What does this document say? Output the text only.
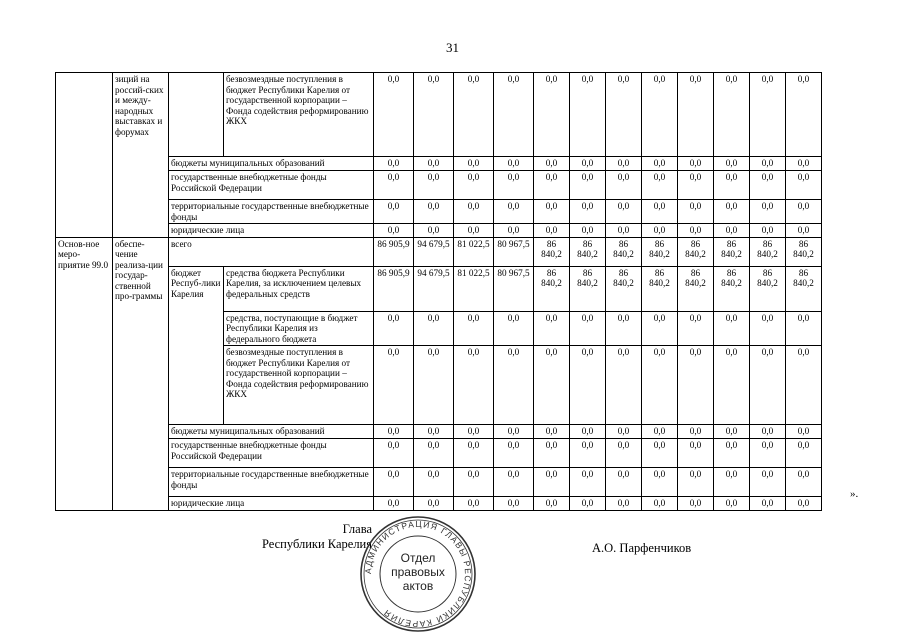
31
	зиций на россий-ских и между-народных выставках и форумах		безвозмездные поступления в бюджет Республики Карелия от государственной корпорации – Фонда содействия реформированию ЖКХ	0,0	0,0	0,0	0,0	0,0	0,0	0,0	0,0	0,0	0,0	0,0	0,0
		бюджеты муниципальных образований		0,0	0,0	0,0	0,0	0,0	0,0	0,0	0,0	0,0	0,0	0,0	0,0
		государственные внебюджетные фонды Российской Федерации		0,0	0,0	0,0	0,0	0,0	0,0	0,0	0,0	0,0	0,0	0,0	0,0
		территориальные государственные внебюджетные фонды		0,0	0,0	0,0	0,0	0,0	0,0	0,0	0,0	0,0	0,0	0,0	0,0
		юридические лица		0,0	0,0	0,0	0,0	0,0	0,0	0,0	0,0	0,0	0,0	0,0	0,0
Основ-ное меро-приятие 99.0	обеспе-чение реализа-ции государ-ственной про-граммы	всего		86 905,9	94 679,5	81 022,5	80 967,5	86 840,2	86 840,2	86 840,2	86 840,2	86 840,2	86 840,2	86 840,2	86 840,2
		бюджет Респуб-лики Карелия	средства бюджета Республики Карелия, за исключением целевых федеральных средств	86 905,9	94 679,5	81 022,5	80 967,5	86 840,2	86 840,2	86 840,2	86 840,2	86 840,2	86 840,2	86 840,2	86 840,2
			средства, поступающие в бюджет Республики Карелия из федерального бюджета	0,0	0,0	0,0	0,0	0,0	0,0	0,0	0,0	0,0	0,0	0,0	0,0
			безвозмездные поступления в бюджет Республики Карелия от государственной корпорации – Фонда содействия реформированию ЖКХ	0,0	0,0	0,0	0,0	0,0	0,0	0,0	0,0	0,0	0,0	0,0	0,0
		бюджеты муниципальных образований		0,0	0,0	0,0	0,0	0,0	0,0	0,0	0,0	0,0	0,0	0,0	0,0
		государственные внебюджетные фонды Российской Федерации		0,0	0,0	0,0	0,0	0,0	0,0	0,0	0,0	0,0	0,0	0,0	0,0
		территориальные государственные внебюджетные фонды		0,0	0,0	0,0	0,0	0,0	0,0	0,0	0,0	0,0	0,0	0,0	0,0
		юридические лица		0,0	0,0	0,0	0,0	0,0	0,0	0,0	0,0	0,0	0,0	0,0	0,0
».
Глава
Республики Карелия	А.О. Парфенчиков
АДМИНИСТРАЦИЯ ГЛАВЫ РЕСПУБЛИКИ КАРЕЛИЯ
Отдел
правовых
актов
